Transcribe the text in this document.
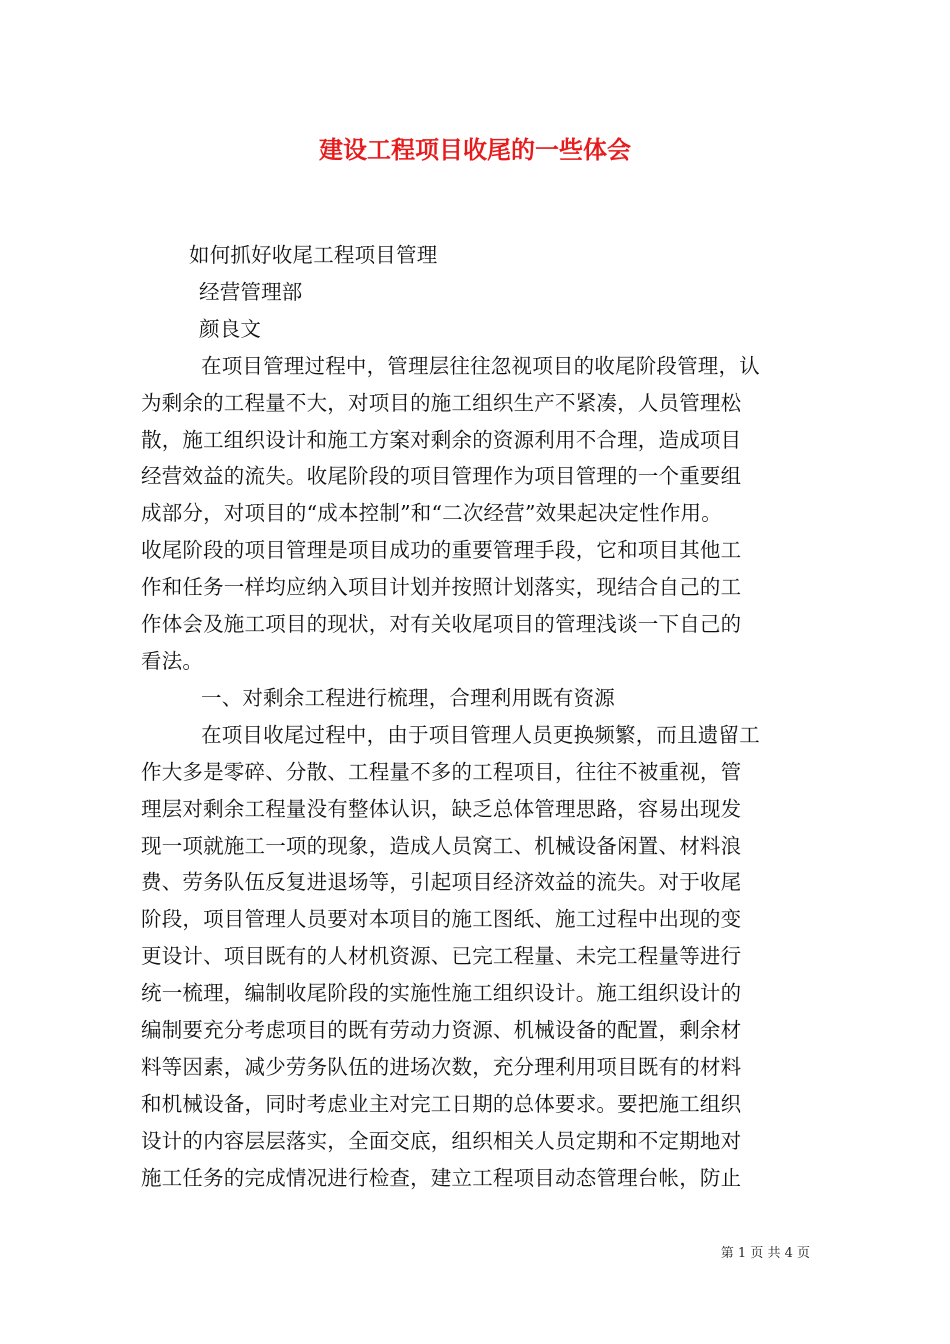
建设工程项目收尾的一些体会

如何抓好收尾工程项目管理

经营管理部

颜良文

在项目管理过程中，管理层往往忽视项目的收尾阶段管理，认

为剩余的工程量不大，对项目的施工组织生产不紧凑，人员管理松

散，施工组织设计和施工方案对剩余的资源利用不合理，造成项目

经营效益的流失。收尾阶段的项目管理作为项目管理的一个重要组

成部分，对项目的“成本控制”和“二次经营”效果起决定性作用。

收尾阶段的项目管理是项目成功的重要管理手段，它和项目其他工

作和任务一样均应纳入项目计划并按照计划落实，现结合自己的工

作体会及施工项目的现状，对有关收尾项目的管理浅谈一下自己的

看法。

一、对剩余工程进行梳理，合理利用既有资源

在项目收尾过程中，由于项目管理人员更换频繁，而且遗留工

作大多是零碎、分散、工程量不多的工程项目，往往不被重视，管

理层对剩余工程量没有整体认识，缺乏总体管理思路，容易出现发

现一项就施工一项的现象，造成人员窝工、机械设备闲置、材料浪

费、劳务队伍反复进退场等，引起项目经济效益的流失。对于收尾

阶段，项目管理人员要对本项目的施工图纸、施工过程中出现的变

更设计、项目既有的人材机资源、已完工程量、未完工程量等进行

统一梳理，编制收尾阶段的实施性施工组织设计。施工组织设计的

编制要充分考虑项目的既有劳动力资源、机械设备的配置，剩余材

料等因素，减少劳务队伍的进场次数，充分理利用项目既有的材料

和机械设备，同时考虑业主对完工日期的总体要求。要把施工组织

设计的内容层层落实，全面交底，组织相关人员定期和不定期地对

施工任务的完成情况进行检查，建立工程项目动态管理台帐，防止

第 1 页 共 4 页
